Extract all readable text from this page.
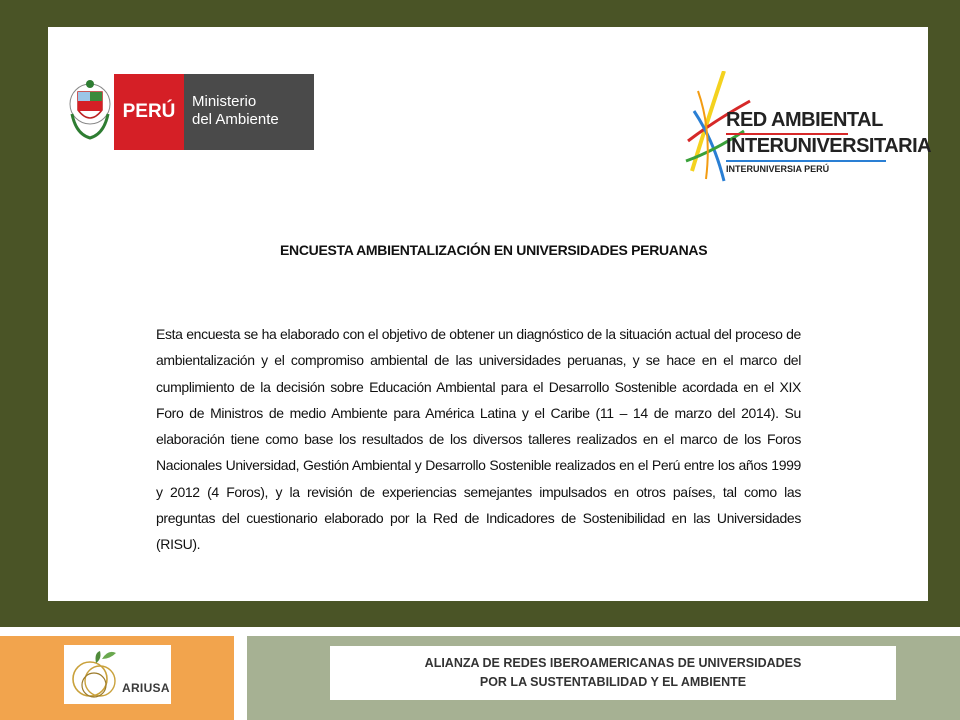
PERÚ	Ministerio
del Ambiente	RED AMBIENTAL
INTERUNIVERSITARIA
INTERUNIVERSIA PERÚ
ENCUESTA AMBIENTALIZACIÓN EN UNIVERSIDADES PERUANAS
Esta encuesta se ha elaborado con el objetivo de obtener un diagnóstico de la situación actual del proceso de ambientalización y el compromiso ambiental de las universidades peruanas, y se hace en el marco del cumplimiento de la decisión sobre Educación Ambiental para el Desarrollo Sostenible acordada en el XIX Foro de Ministros de medio Ambiente para América Latina y el Caribe (11 – 14 de marzo del 2014). Su elaboración tiene como base los resultados de los diversos talleres realizados en el marco de los Foros Nacionales Universidad, Gestión Ambiental y Desarrollo Sostenible realizados en el Perú entre los años 1999 y 2012 (4 Foros), y la revisión de experiencias semejantes impulsados en otros países, tal como las preguntas del cuestionario elaborado por la Red de Indicadores de Sostenibilidad en las Universidades (RISU).
ARIUSA
ALIANZA DE REDES IBEROAMERICANAS DE UNIVERSIDADES
POR LA SUSTENTABILIDAD Y EL AMBIENTE
